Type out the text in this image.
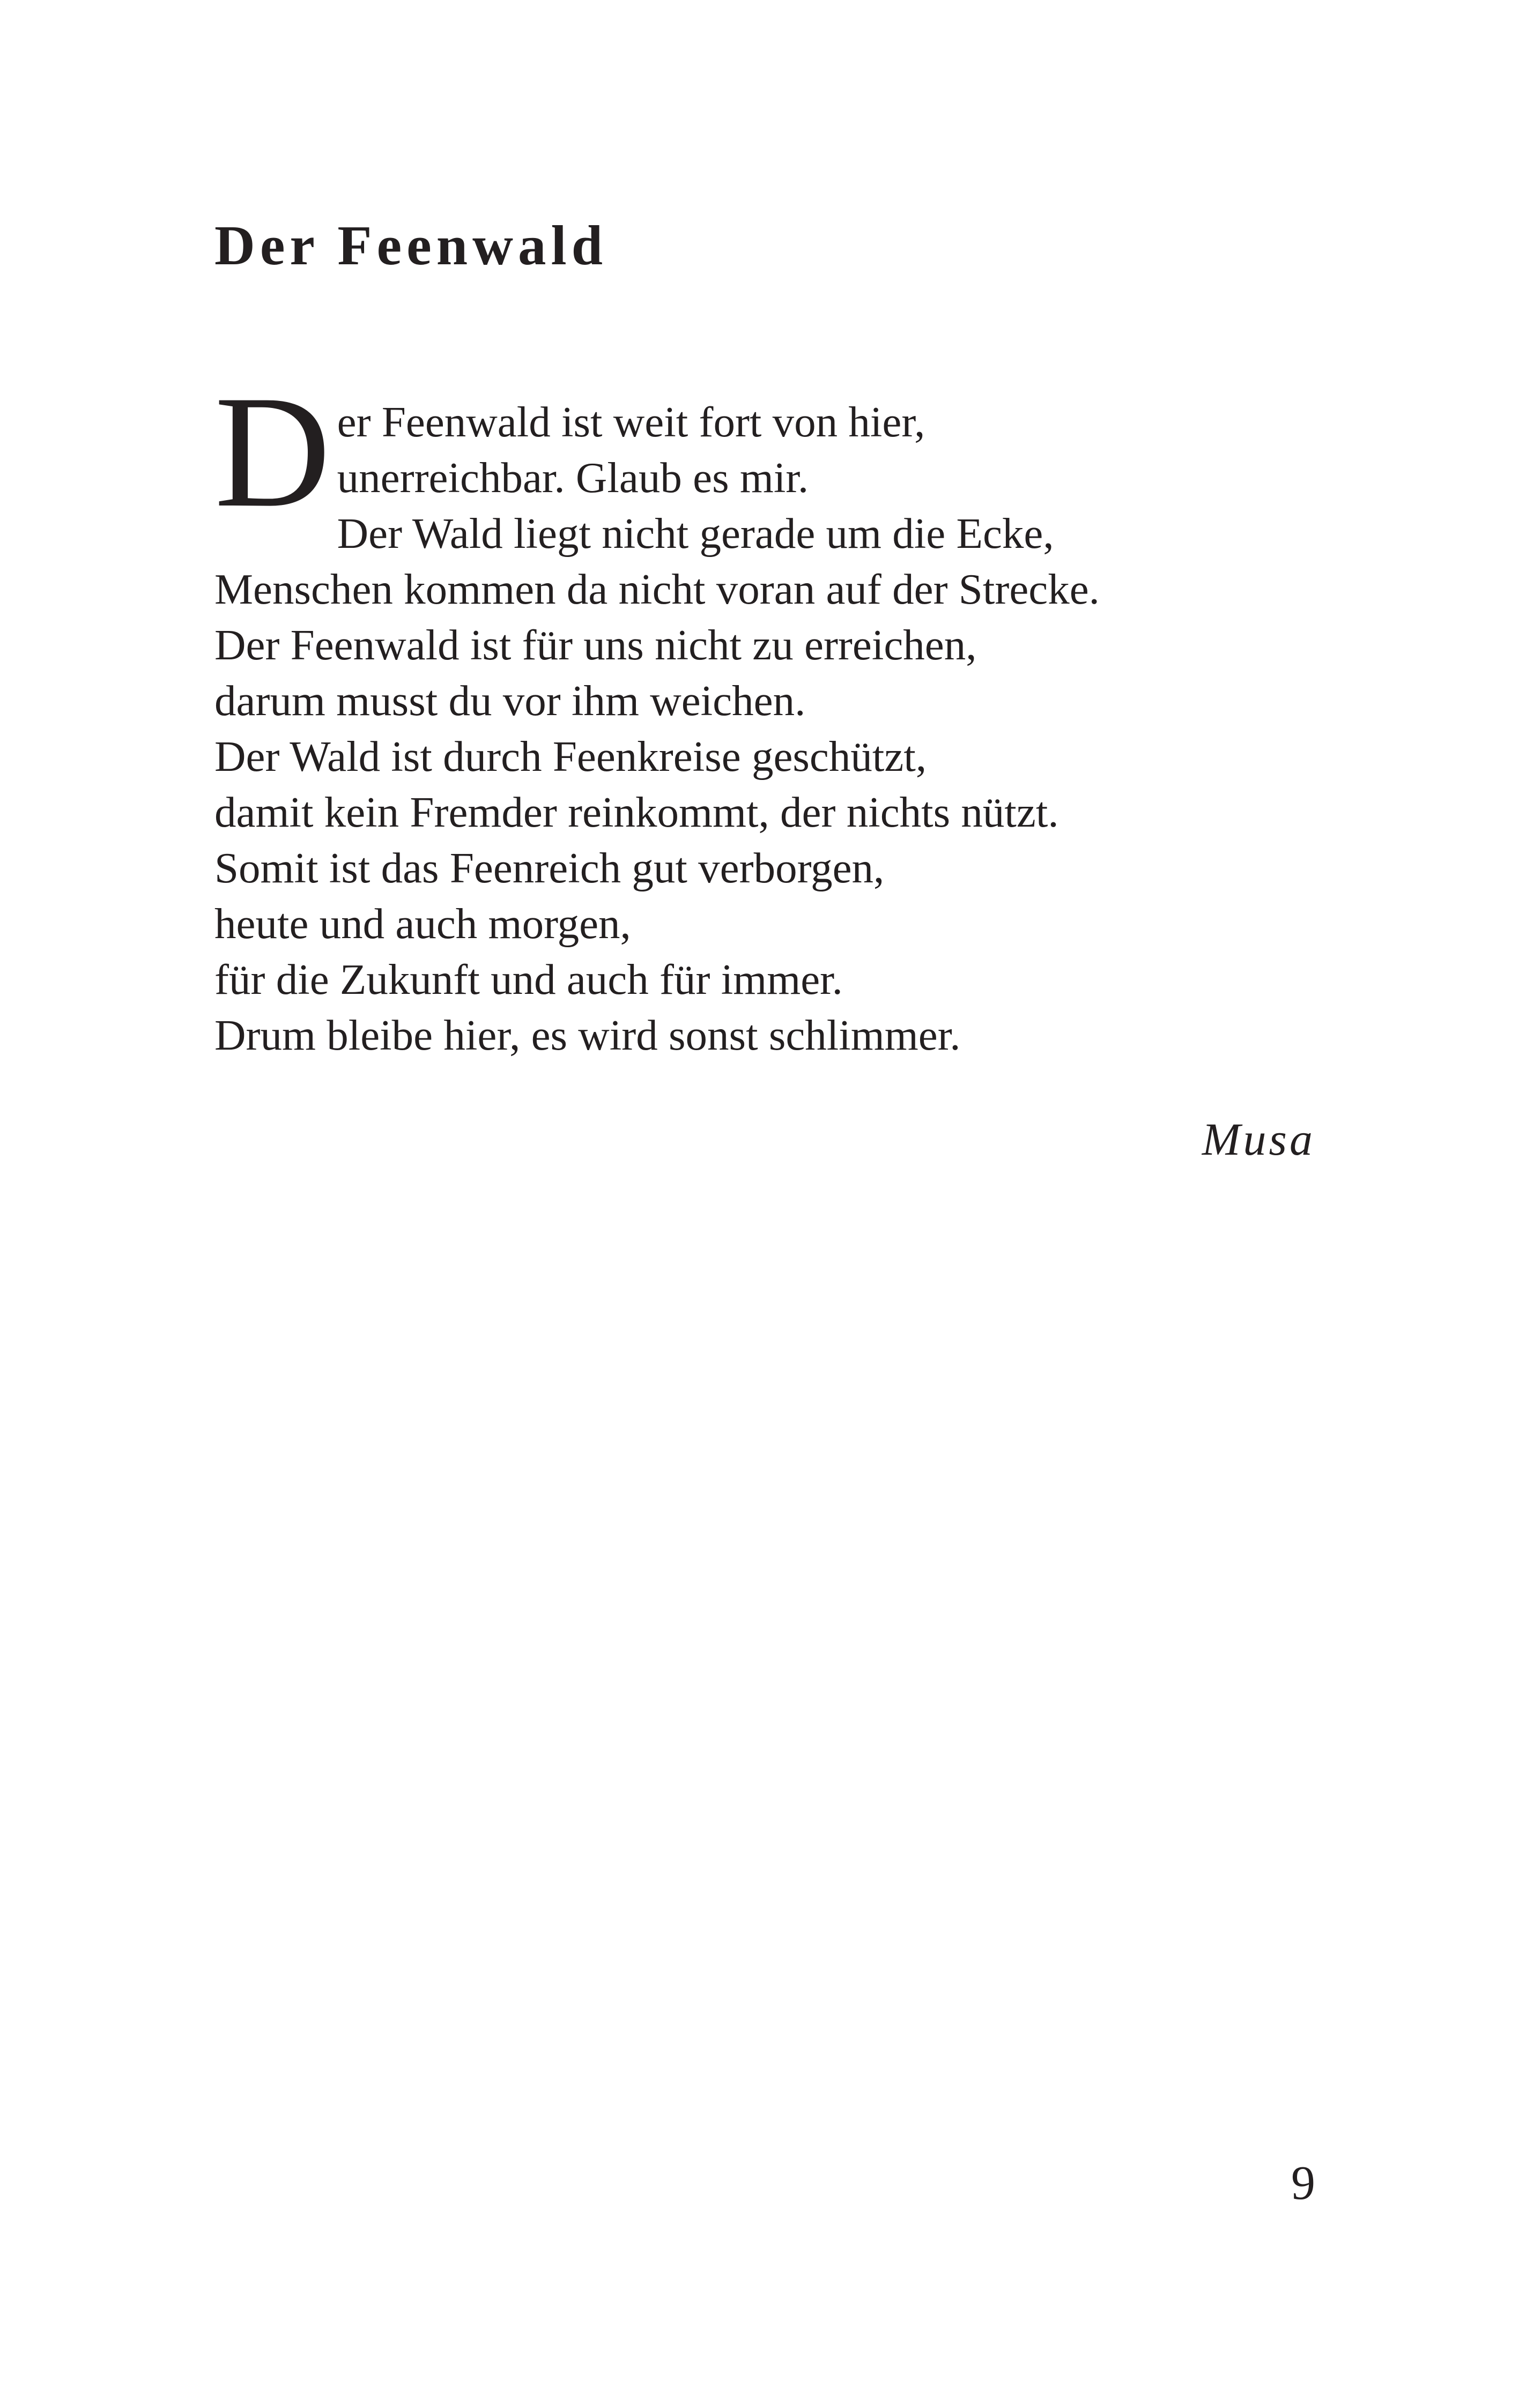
Der Feenwald
D er Feenwald ist weit fort von hier,
unerreichbar. Glaub es mir.
Der Wald liegt nicht gerade um die Ecke,
Menschen kommen da nicht voran auf der Strecke.
Der Feenwald ist für uns nicht zu erreichen,
darum musst du vor ihm weichen.
Der Wald ist durch Feenkreise geschützt,
damit kein Fremder reinkommt, der nichts nützt.
Somit ist das Feenreich gut verborgen,
heute und auch morgen,
für die Zukunft und auch für immer.
Drum bleibe hier, es wird sonst schlimmer.

Musa

9
